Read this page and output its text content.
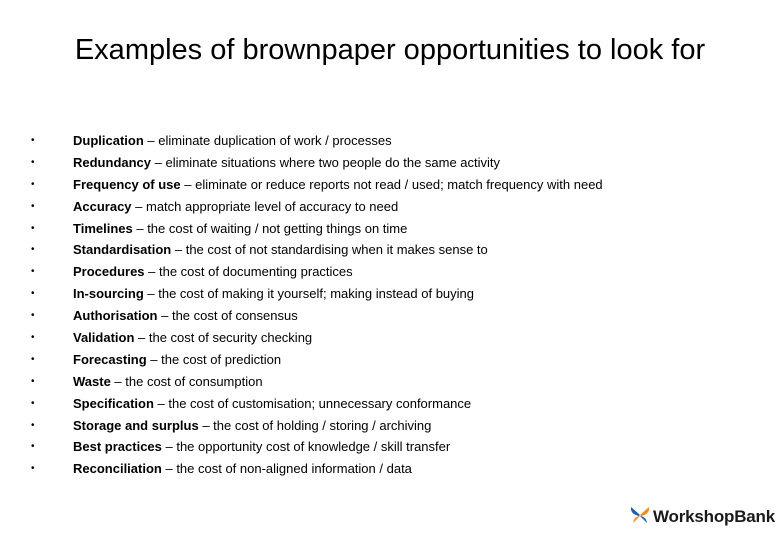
Examples of brownpaper opportunities to look for
•	Duplication – eliminate duplication of work / processes
•	Redundancy – eliminate situations where two people do the same activity
•	Frequency of use – eliminate or reduce reports not read / used; match frequency with need
•	Accuracy – match appropriate level of accuracy to need
•	Timelines – the cost of waiting / not getting things on time
•	Standardisation – the cost of not standardising when it makes sense to
•	Procedures – the cost of documenting practices
•	In-sourcing – the cost of making it yourself; making instead of buying
•	Authorisation – the cost of consensus
•	Validation – the cost of security checking
•	Forecasting – the cost of prediction
•	Waste – the cost of consumption
•	Specification – the cost of customisation; unnecessary conformance
•	Storage and surplus – the cost of holding / storing / archiving
•	Best practices – the opportunity cost of knowledge / skill transfer
•	Reconciliation – the cost of non-aligned information / data
WorkshopBank
